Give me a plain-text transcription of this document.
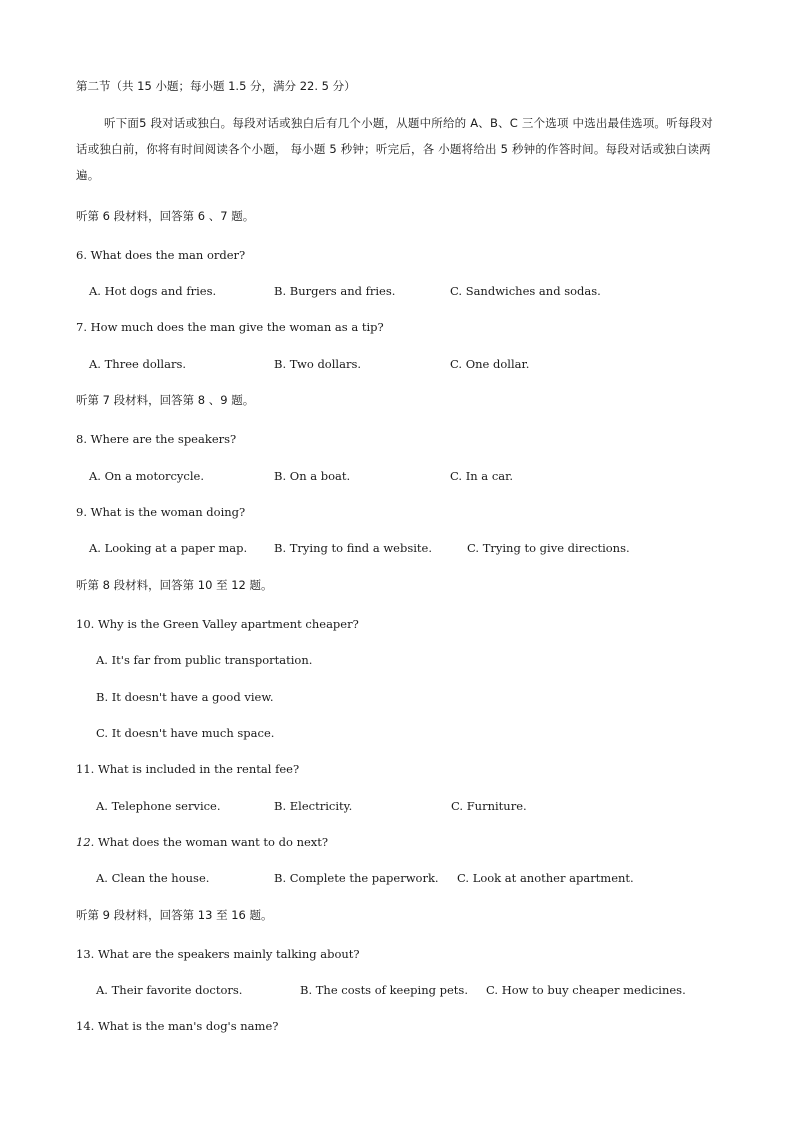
第二节（共 15 小题；每小题 1.5 分，满分 22. 5 分）
听下面5 段对话或独白。每段对话或独白后有几个小题，从题中所给的 A、B、C 三个选项 中选出最佳选项。听每段对话或独白前，你将有时间阅读各个小题， 每小题 5 秒钟；听完后，各 小题将给出 5 秒钟的作答时间。每段对话或独白读两遍。
听第 6 段材料，回答第 6 、7 题。
6. What does the man order?
A. Hot dogs and fries.	B. Burgers and fries.	C. Sandwiches and sodas.
7. How much does the man give the woman as a tip?
A. Three dollars.	B. Two dollars.	C. One dollar.
听第 7 段材料，回答第 8 、9 题。
8. Where are the speakers?
A. On a motorcycle.	B. On a boat.	C. In a car.
9. What is the woman doing?
A. Looking at a paper map. B. Trying to find a website.	C. Trying to give directions.
听第 8 段材料，回答第 10 至 12 题。
10. Why is the Green Valley apartment cheaper?
A. It's far from public transportation.
B. It doesn't have a good view.
C. It doesn't have much space.
11. What is included in the rental fee?
A. Telephone service.	B. Electricity.	C. Furniture.
12. What does the woman want to do next?
A. Clean the house.	B. Complete the paperwork. C. Look at another apartment.
听第 9 段材料，回答第 13 至 16 题。
13. What are the speakers mainly talking about?
A. Their favorite doctors.	B. The costs of keeping pets. C. How to buy cheaper medicines.
14. What is the man's dog's name?
